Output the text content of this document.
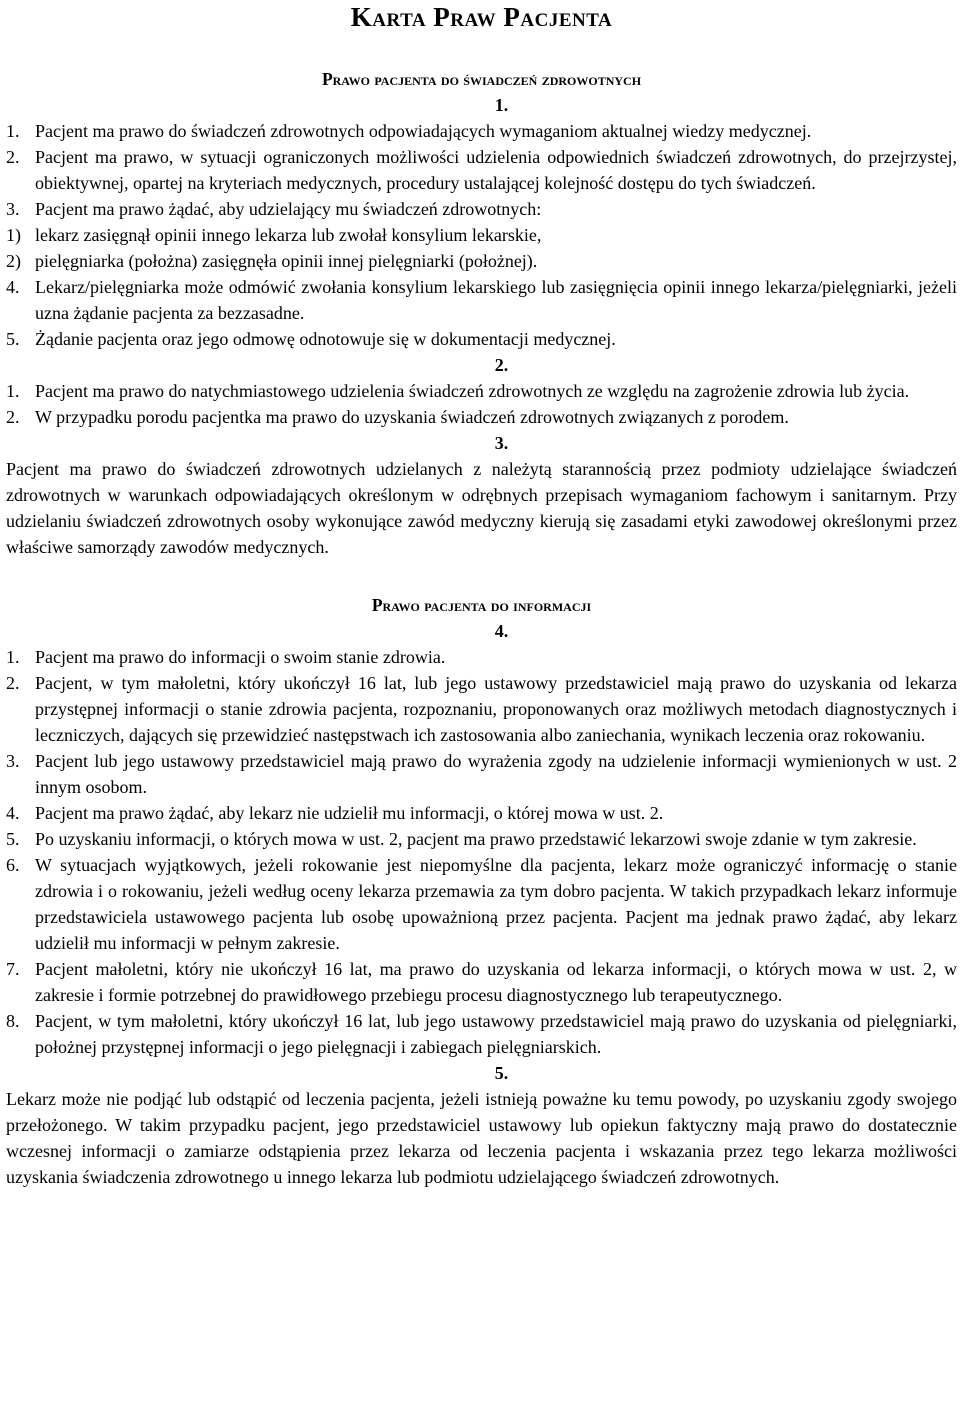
Karta Praw Pacjenta
Prawo pacjenta do świadczeń zdrowotnych

1.

1. Pacjent ma prawo do świadczeń zdrowotnych odpowiadających wymaganiom aktualnej wiedzy medycznej.
2. Pacjent ma prawo, w sytuacji ograniczonych możliwości udzielenia odpowiednich świadczeń zdrowotnych, do przejrzystej, obiektywnej, opartej na kryteriach medycznych, procedury ustalającej kolejność dostępu do tych świadczeń.
3. Pacjent ma prawo żądać, aby udzielający mu świadczeń zdrowotnych:
1) lekarz zasięgnął opinii innego lekarza lub zwołał konsylium lekarskie,
2) pielęgniarka (położna) zasięgnęła opinii innej pielęgniarki (położnej).
4. Lekarz/pielęgniarka może odmówić zwołania konsylium lekarskiego lub zasięgnięcia opinii innego lekarza/pielęgniarki, jeżeli uzna żądanie pacjenta za bezzasadne.
5. Żądanie pacjenta oraz jego odmowę odnotowuje się w dokumentacji medycznej.

2.

1. Pacjent ma prawo do natychmiastowego udzielenia świadczeń zdrowotnych ze względu na zagrożenie zdrowia lub życia.
2. W przypadku porodu pacjentka ma prawo do uzyskania świadczeń zdrowotnych związanych z porodem.

3.

Pacjent ma prawo do świadczeń zdrowotnych udzielanych z należytą starannością przez podmioty udzielające świadczeń zdrowotnych w warunkach odpowiadających określonym w odrębnych przepisach wymaganiom fachowym i sanitarnym. Przy udzielaniu świadczeń zdrowotnych osoby wykonujące zawód medyczny kierują się zasadami etyki zawodowej określonymi przez właściwe samorządy zawodów medycznych.

Prawo pacjenta do informacji

4.

1. Pacjent ma prawo do informacji o swoim stanie zdrowia.
2. Pacjent, w tym małoletni, który ukończył 16 lat, lub jego ustawowy przedstawiciel mają prawo do uzyskania od lekarza przystępnej informacji o stanie zdrowia pacjenta, rozpoznaniu, proponowanych oraz możliwych metodach diagnostycznych i leczniczych, dających się przewidzieć następstwach ich zastosowania albo zaniechania, wynikach leczenia oraz rokowaniu.
3. Pacjent lub jego ustawowy przedstawiciel mają prawo do wyrażenia zgody na udzielenie informacji wymienionych w ust. 2 innym osobom.
4. Pacjent ma prawo żądać, aby lekarz nie udzielił mu informacji, o której mowa w ust. 2.
5. Po uzyskaniu informacji, o których mowa w ust. 2, pacjent ma prawo przedstawić lekarzowi swoje zdanie w tym zakresie.
6. W sytuacjach wyjątkowych, jeżeli rokowanie jest niepomyślne dla pacjenta, lekarz może ograniczyć informację o stanie zdrowia i o rokowaniu, jeżeli według oceny lekarza przemawia za tym dobro pacjenta. W takich przypadkach lekarz informuje przedstawiciela ustawowego pacjenta lub osobę upoważnioną przez pacjenta. Pacjent ma jednak prawo żądać, aby lekarz udzielił mu informacji w pełnym zakresie.
7. Pacjent małoletni, który nie ukończył 16 lat, ma prawo do uzyskania od lekarza informacji, o których mowa w ust. 2, w zakresie i formie potrzebnej do prawidłowego przebiegu procesu diagnostycznego lub terapeutycznego.
8. Pacjent, w tym małoletni, który ukończył 16 lat, lub jego ustawowy przedstawiciel mają prawo do uzyskania od pielęgniarki, położnej przystępnej informacji o jego pielęgnacji i zabiegach pielęgniarskich.

5.

Lekarz może nie podjąć lub odstąpić od leczenia pacjenta, jeżeli istnieją poważne ku temu powody, po uzyskaniu zgody swojego przełożonego. W takim przypadku pacjent, jego przedstawiciel ustawowy lub opiekun faktyczny mają prawo do dostatecznie wczesnej informacji o zamiarze odstąpienia przez lekarza od leczenia pacjenta i wskazania przez tego lekarza możliwości uzyskania świadczenia zdrowotnego u innego lekarza lub podmiotu udzielającego świadczeń zdrowotnych.
